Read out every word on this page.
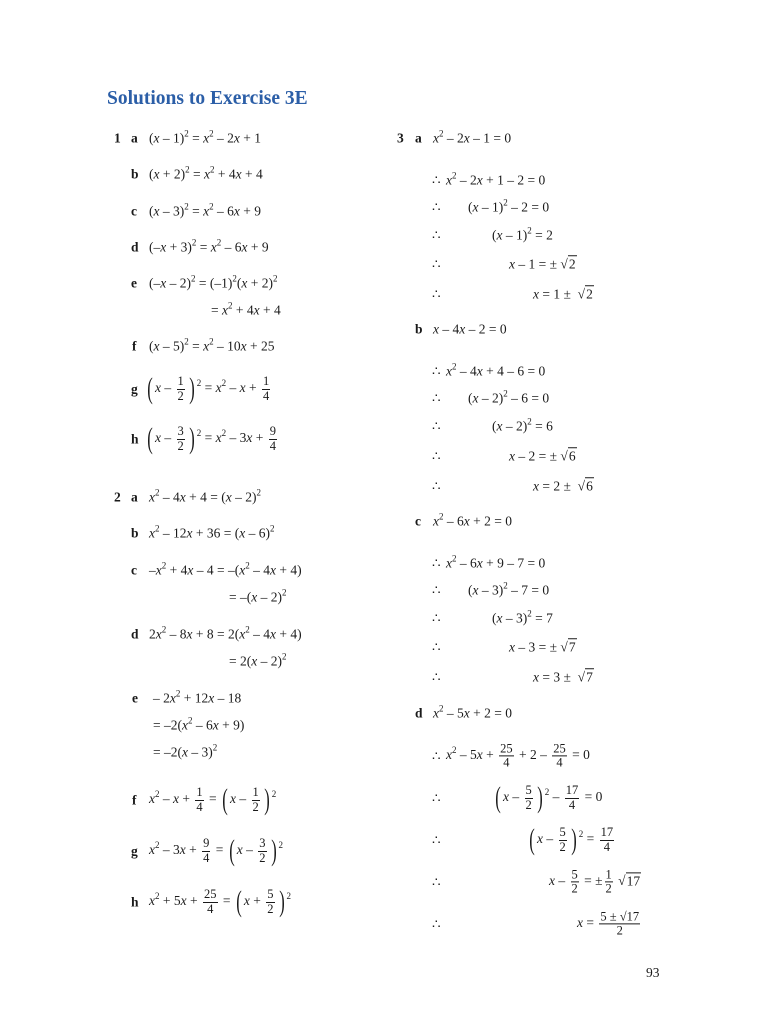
Solutions to Exercise 3E
1 a $(x - 1)^2 = x^2 - 2x + 1$
b $(x + 2)^2 = x^2 + 4x + 4$
c $(x - 3)^2 = x^2 - 6x + 9$
d $(-x + 3)^2 = x^2 - 6x + 9$
e $(-x - 2)^2 = (-1)^2(x + 2)^2$
= $x^2 + 4x + 4$
f $(x - 5)^2 = x^2 - 10x + 25$
g ( x – $\frac{1}{2}$ ) $^2 = x^2 - x + \frac{1}{4}$
h ( x – $\frac{3}{2}$ ) $^2 = x^2 - 3x + \frac{9}{4}$
2 a $x^2 - 4x + 4 = (x - 2)^2$
b $x^2 - 12x + 36 = (x - 6)^2$
c $-x^2 + 4x - 4 = -(x^2 - 4x + 4)$
= –(x – 2)$^2$
d $2x^2 - 8x + 8 = 2(x^2 - 4x + 4)$
= 2(x – 2)$^2$
$e - 2x^2 + 12x - 18$
= $-2(x^2 - 6x + 9)$
= –2(x – 3)$^2$
f $x^2 - x + \frac{1}{4}$ = ( x – $\frac{1}{2}$ ) $^2$
g $x^2 - 3x + \frac{9}{4}$ = ( x – $\frac{3}{2}$ ) $^2$
h $x^2 + 5x + \frac{25}{4}$ = ( $x + \frac{5}{2}$ ) $^2$
3 a $x^2 - 2x - 1 = 0$
∴ $x^2 - 2x + 1 - 2 = 0$
∴ (x – 1)$^2$ – 2 = 0
∴	(x – 1)$^2$ = 2
∴	x – 1 = ± √2
∴	x = 1 ±  √2
b x – 4x – 2 = 0
∴ $x^2 - 4x + 4 - 6 = 0$
∴ (x – 2)$^2$ – 6 = 0
∴	(x – 2)$^2$ = 6
∴	x – 2 = ± √6
∴	x = 2 ±  √6
c $x^2 - 6x + 2 = 0$
∴ $x^2 - 6x + 9 - 7 = 0$
∴ (x – 3)$^2$ – 7 = 0
∴	(x – 3)$^2$ = 7
∴	x – 3 = ± √7
∴	x = 3 ±  √7
d $x^2 - 5x + 2 = 0$
∴ $x^2 - 5x + \frac{25}{4} + 2 - \frac{25}{4} = 0$
∴ ( x – $\frac{5}{2}$ ) $^2 - \frac{17}{4} = 0$
∴	( x – $\frac{5}{2}$ ) $^2 = \frac{17}{4}$
∴	x – $\frac{5}{2}$ = ± $\frac{1}{2} √17$
∴	$x = \frac{5 \pm √17}{2}$
93
